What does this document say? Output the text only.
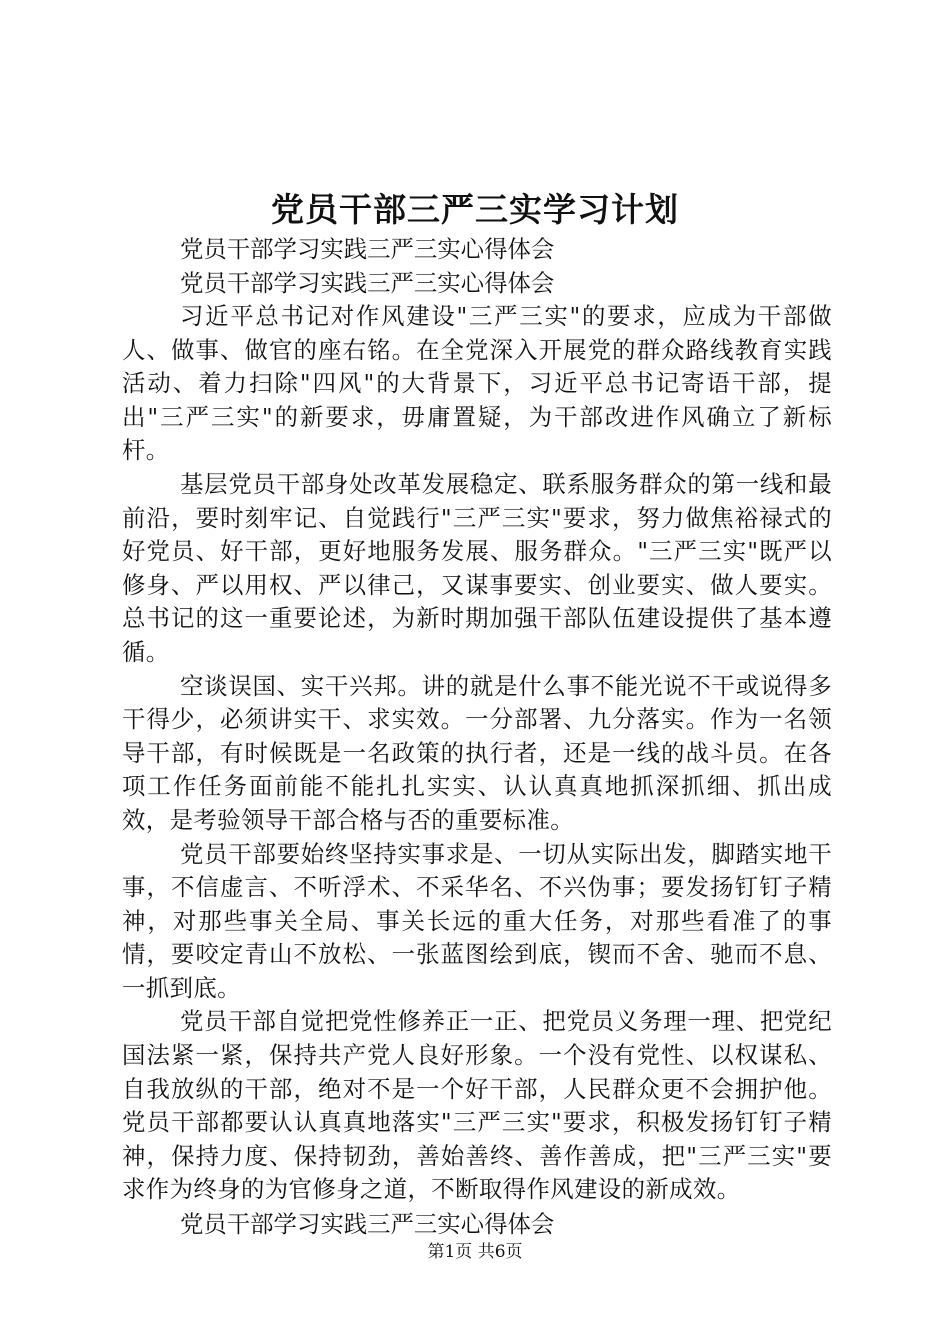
党员干部三严三实学习计划

党员干部学习实践三严三实心得体会

党员干部学习实践三严三实心得体会

习近平总书记对作风建设"三严三实"的要求，应成为干部做人、做事、做官的座右铭。在全党深入开展党的群众路线教育实践活动、着力扫除"四风"的大背景下，习近平总书记寄语干部，提出"三严三实"的新要求，毋庸置疑，为干部改进作风确立了新标杆。

基层党员干部身处改革发展稳定、联系服务群众的第一线和最前沿，要时刻牢记、自觉践行"三严三实"要求，努力做焦裕禄式的好党员、好干部，更好地服务发展、服务群众。"三严三实"既严以修身、严以用权、严以律己，又谋事要实、创业要实、做人要实。总书记的这一重要论述，为新时期加强干部队伍建设提供了基本遵循。

空谈误国、实干兴邦。讲的就是什么事不能光说不干或说得多干得少，必须讲实干、求实效。一分部署、九分落实。作为一名领导干部，有时候既是一名政策的执行者，还是一线的战斗员。在各项工作任务面前能不能扎扎实实、认认真真地抓深抓细、抓出成效，是考验领导干部合格与否的重要标准。

党员干部要始终坚持实事求是、一切从实际出发，脚踏实地干事，不信虚言、不听浮术、不采华名、不兴伪事；要发扬钉钉子精神，对那些事关全局、事关长远的重大任务，对那些看准了的事情，要咬定青山不放松、一张蓝图绘到底，锲而不舍、驰而不息、一抓到底。

党员干部自觉把党性修养正一正、把党员义务理一理、把党纪国法紧一紧，保持共产党人良好形象。一个没有党性、以权谋私、自我放纵的干部，绝对不是一个好干部，人民群众更不会拥护他。党员干部都要认认真真地落实"三严三实"要求，积极发扬钉钉子精神，保持力度、保持韧劲，善始善终、善作善成，把"三严三实"要求作为终身的为官修身之道，不断取得作风建设的新成效。

党员干部学习实践三严三实心得体会

第1页 共6页
